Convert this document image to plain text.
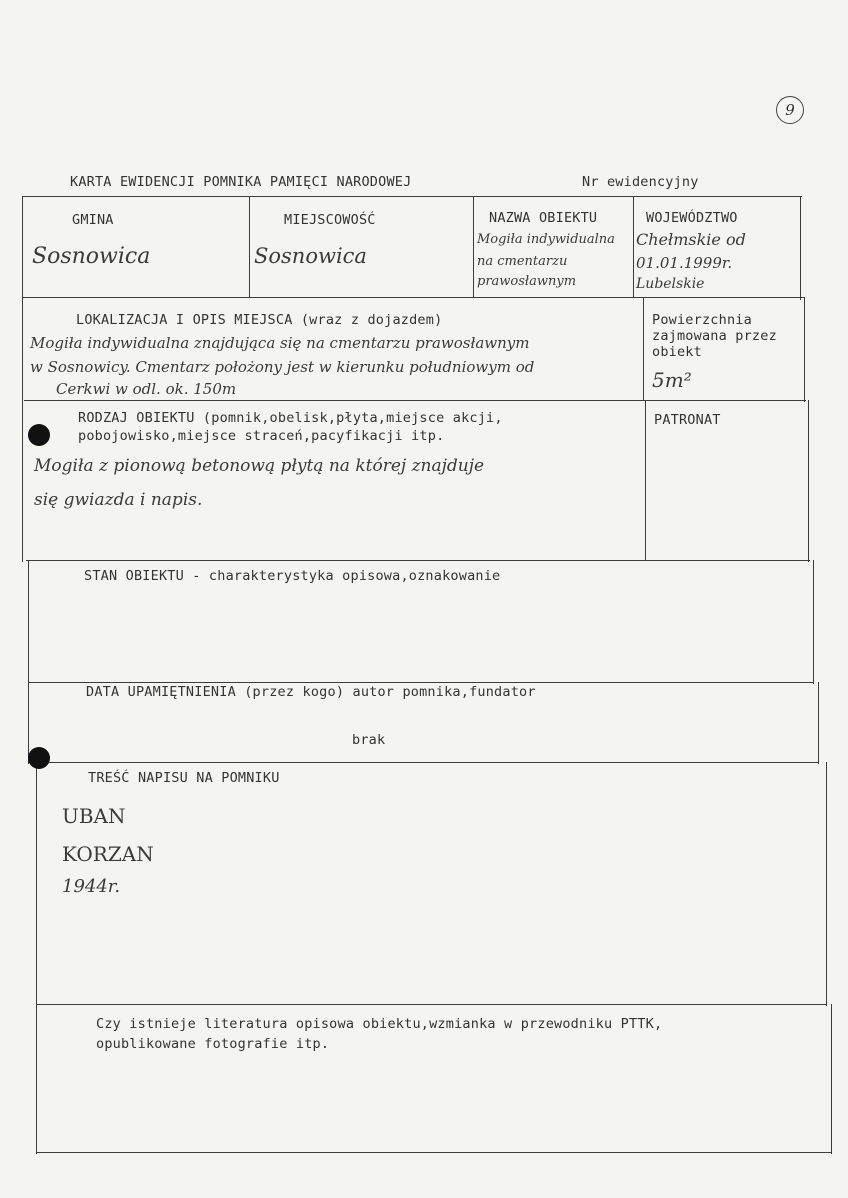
9
KARTA EWIDENCJI POMNIKA PAMIĘCI NARODOWEJ	Nr ewidencyjny
GMINA
Sosnowica
MIEJSCOWOŚĆ
Sosnowica
NAZWA OBIEKTU
Mogiła indywidualna
na cmentarzu
prawosławnym
WOJEWÓDZTWO
Chełmskie od
01.01.1999r.
Lubelskie
LOKALIZACJA I OPIS MIEJSCA (wraz z dojazdem)
Mogiła indywidualna znajdująca się na cmentarzu prawosławnym
w Sosnowicy. Cmentarz położony jest w kierunku południowym od
Cerkwi w odl. ok. 150m
Powierzchnia
zajmowana przez
obiekt
5m²
RODZAJ OBIEKTU (pomnik,obelisk,płyta,miejsce akcji,
pobojowisko,miejsce straceń,pacyfikacji itp.
Mogiła z pionową betonową płytą na której znajduje
się gwiazda i napis.
PATRONAT
STAN OBIEKTU - charakterystyka opisowa,oznakowanie
DATA UPAMIĘTNIENIA (przez kogo) autor pomnika,fundator
brak
TREŚĆ NAPISU NA POMNIKU
UBAN
KORZAN
1944r.
Czy istnieje literatura opisowa obiektu,wzmianka w przewodniku PTTK,
opublikowane fotografie itp.
